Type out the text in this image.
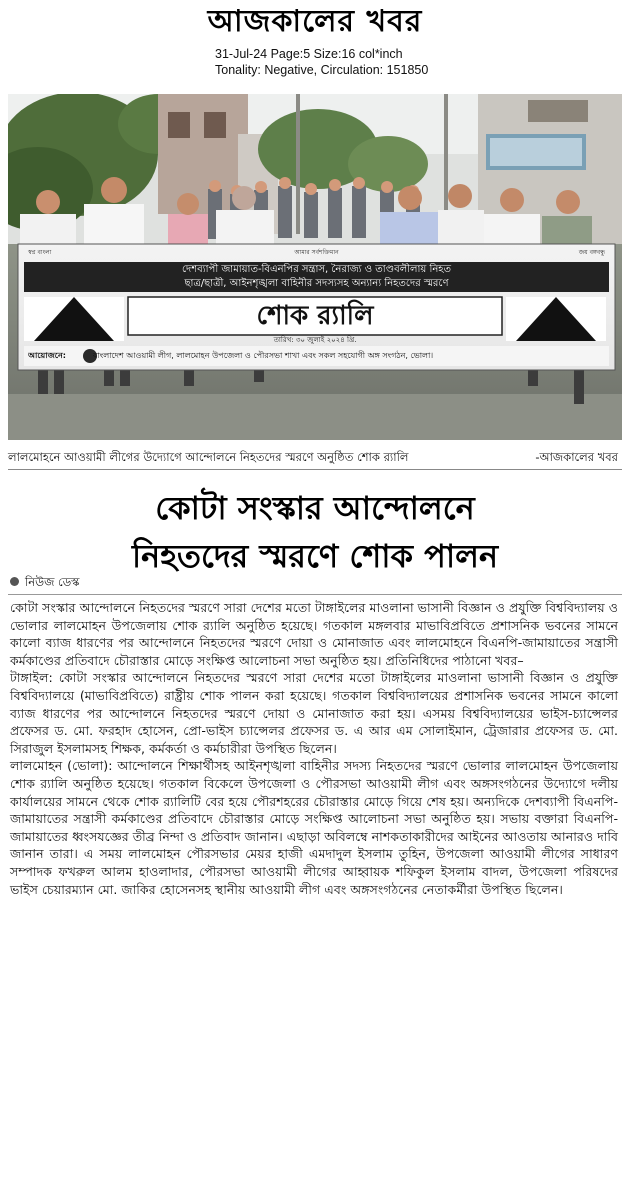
আজকালের খবর
31-Jul-24 Page:5 Size:16 col*inch
Tonality: Negative, Circulation: 151850
স্বপ্ন বাংলা	আমার সর্বশক্তিমান	জয় বঙ্গবন্ধু
দেশব্যাপী জামায়াত-বিএনপির সন্ত্রাস, নৈরাজ্য ও তাণ্ডবলীলায় নিহত
ছাত্র/ছাত্রী, আইনশৃঙ্খলা বাহিনীর সদস্যসহ অন্যান্য নিহতদের স্মরণে
শোক র‍্যালি
তারিখ: ৩০ জুলাই ২০২৪ খ্রি.
আয়োজনে:	বাংলাদেশ আওয়ামী লীগ, লালমোহন উপজেলা ও পৌরসভা শাখা এবং সকল সহযোগী অঙ্গ সংগঠন, ভোলা।
লালমোহনে আওয়ামী লীগের উদ্যোগে আন্দোলনে নিহতদের স্মরণে অনুষ্ঠিত শোক র‍্যালি	-আজকালের খবর
কোটা সংস্কার আন্দোলনে
নিহতদের স্মরণে শোক পালন
নিউজ ডেস্ক

কোটা সংস্কার আন্দোলনে নিহতদের স্মরণে সারা দেশের মতো টাঙ্গাইলের মাওলানা ভাসানী বিজ্ঞান ও প্রযুক্তি বিশ্ববিদ্যালয় ও ভোলার লালমোহন উপজেলায় শোক র‍্যালি অনুষ্ঠিত হয়েছে। গতকাল মঙ্গলবার মাভাবিপ্রবিতে প্রশাসনিক ভবনের সামনে কালো ব্যাজ ধারণের পর আন্দোলনে নিহতদের স্মরণে দোয়া ও মোনাজাত এবং লালমোহনে বিএনপি-জামায়াতের সন্ত্রাসী কর্মকাণ্ডের প্রতিবাদে চৌরাস্তার মোড়ে সংক্ষিপ্ত আলোচনা সভা অনুষ্ঠিত হয়। প্রতিনিধিদের পাঠানো খবর–

টাঙ্গাইল: কোটা সংস্কার আন্দোলনে নিহতদের স্মরণে সারা দেশের মতো টাঙ্গাইলের মাওলানা ভাসানী বিজ্ঞান ও প্রযুক্তি বিশ্ববিদ্যালয়ে (মাভাবিপ্রবিতে) রাষ্ট্রীয় শোক পালন করা হয়েছে। গতকাল বিশ্ববিদ্যালয়ের প্রশাসনিক ভবনের সামনে কালো ব্যাজ ধারণের পর আন্দোলনে নিহতদের স্মরণে দোয়া ও মোনাজাত করা হয়। এসময় বিশ্ববিদ্যালয়ের ভাইস-চ্যান্সেলর প্রফেসর ড. মো. ফরহাদ হোসেন, প্রো-ভাইস চ্যান্সেলর প্রফেসর ড. এ আর এম সোলাইমান, ট্রেজারার প্রফেসর ড. মো. সিরাজুল ইসলামসহ শিক্ষক, কর্মকর্তা ও কর্মচারীরা উপস্থিত ছিলেন।

লালমোহন (ভোলা): আন্দোলনে শিক্ষার্থীসহ আইনশৃঙ্খলা বাহিনীর সদস্য নিহতদের স্মরণে ভোলার লালমোহন উপজেলায় শোক র‍্যালি অনুষ্ঠিত হয়েছে। গতকাল বিকেলে উপজেলা ও পৌরসভা আওয়ামী লীগ এবং অঙ্গসংগঠনের উদ্যোগে দলীয় কার্যালয়ের সামনে থেকে শোক র‍্যালিটি বের হয়ে পৌরশহরের চৌরাস্তার মোড়ে গিয়ে শেষ হয়। অন্যদিকে দেশব্যাপী বিএনপি-জামায়াতের সন্ত্রাসী কর্মকাণ্ডের প্রতিবাদে চৌরাস্তার মোড়ে সংক্ষিপ্ত আলোচনা সভা অনুষ্ঠিত হয়। সভায় বক্তারা বিএনপি-জামায়াতের ধ্বংসযজ্ঞের তীব্র নিন্দা ও প্রতিবাদ জানান। এছাড়া অবিলম্বে নাশকতাকারীদের আইনের আওতায় আনারও দাবি জানান তারা। এ সময় লালমোহন পৌরসভার মেয়র হাজী এমদাদুল ইসলাম তুহিন, উপজেলা আওয়ামী লীগের সাধারণ সম্পাদক ফখরুল আলম হাওলাদার, পৌরসভা আওয়ামী লীগের আহ্বায়ক শফিকুল ইসলাম বাদল, উপজেলা পরিষদের ভাইস চেয়ারম্যান মো. জাকির হোসেনসহ স্থানীয় আওয়ামী লীগ এবং অঙ্গসংগঠনের নেতাকর্মীরা উপস্থিত ছিলেন।
